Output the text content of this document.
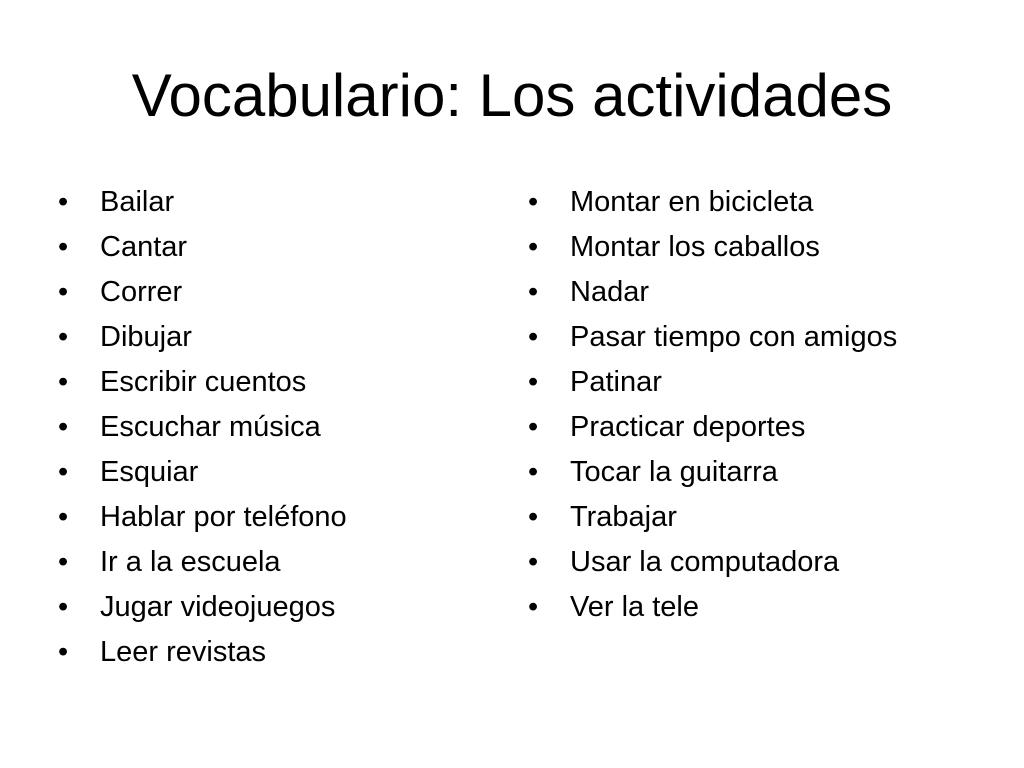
Vocabulario: Los actividades
•	Bailar
•	Cantar
•	Correr
•	Dibujar
•	Escribir cuentos
•	Escuchar música
•	Esquiar
•	Hablar por teléfono
•	Ir a la escuela
•	Jugar videojuegos
•	Leer revistas
•	Montar en bicicleta
•	Montar los caballos
•	Nadar
•	Pasar tiempo con amigos
•	Patinar
•	Practicar deportes
•	Tocar la guitarra
•	Trabajar
•	Usar la computadora
•	Ver la tele
